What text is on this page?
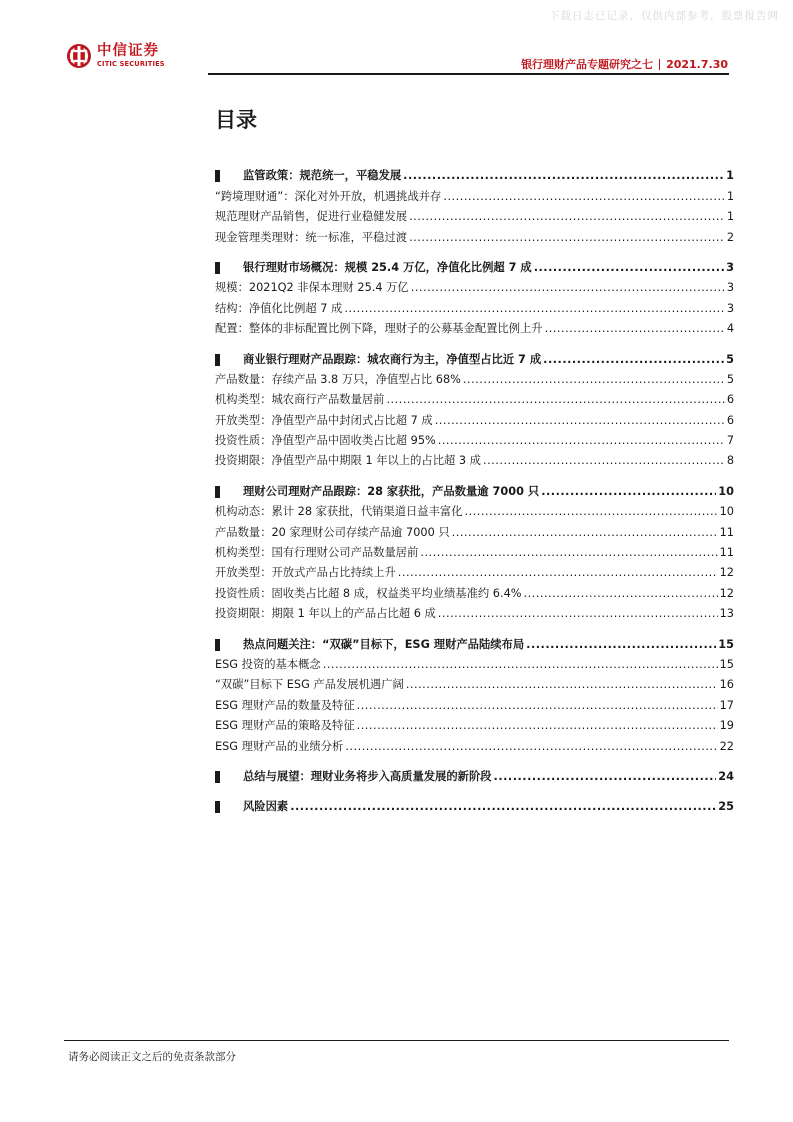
下载日志已记录，仅供内部参考，股票报告网
中信证券
CITIC SECURITIES	银行理财产品专题研究之七 2021.7.30
目录
监管政策：规范统一，平稳发展 .....	1
“跨境理财通”：深化对外开放，机遇挑战并存 .....	1
规范理财产品销售，促进行业稳健发展 .....	1
现金管理类理财：统一标准，平稳过渡 .....	2
银行理财市场概况：规模 25.4 万亿，净值化比例超 7 成 .....	3
规模：2021Q2 非保本理财 25.4 万亿 .....	3
结构：净值化比例超 7 成 .....	3
配置：整体的非标配置比例下降，理财子的公募基金配置比例上升 .....	4
商业银行理财产品跟踪：城农商行为主，净值型占比近 7 成 .....	5
产品数量：存续产品 3.8 万只，净值型占比 68% .....	5
机构类型：城农商行产品数量居前 .....	6
开放类型：净值型产品中封闭式占比超 7 成 .....	6
投资性质：净值型产品中固收类占比超 95% .....	7
投资期限：净值型产品中期限 1 年以上的占比超 3 成 .....	8
理财公司理财产品跟踪：28 家获批，产品数量逾 7000 只 .....	10
机构动态：累计 28 家获批，代销渠道日益丰富化 .....	10
产品数量：20 家理财公司存续产品逾 7000 只 .....	11
机构类型：国有行理财公司产品数量居前 .....	11
开放类型：开放式产品占比持续上升 .....	12
投资性质：固收类占比超 8 成，权益类平均业绩基准约 6.4% .....	12
投资期限：期限 1 年以上的产品占比超 6 成 .....	13
热点问题关注：“双碳”目标下，ESG 理财产品陆续布局 .....	15
ESG 投资的基本概念 .....	15
“双碳”目标下 ESG 产品发展机遇广阔 .....	16
ESG 理财产品的数量及特征 .....	17
ESG 理财产品的策略及特征 .....	19
ESG 理财产品的业绩分析 .....	22
总结与展望：理财业务将步入高质量发展的新阶段 .....	24
风险因素 .....	25
请务必阅读正文之后的免责条款部分
